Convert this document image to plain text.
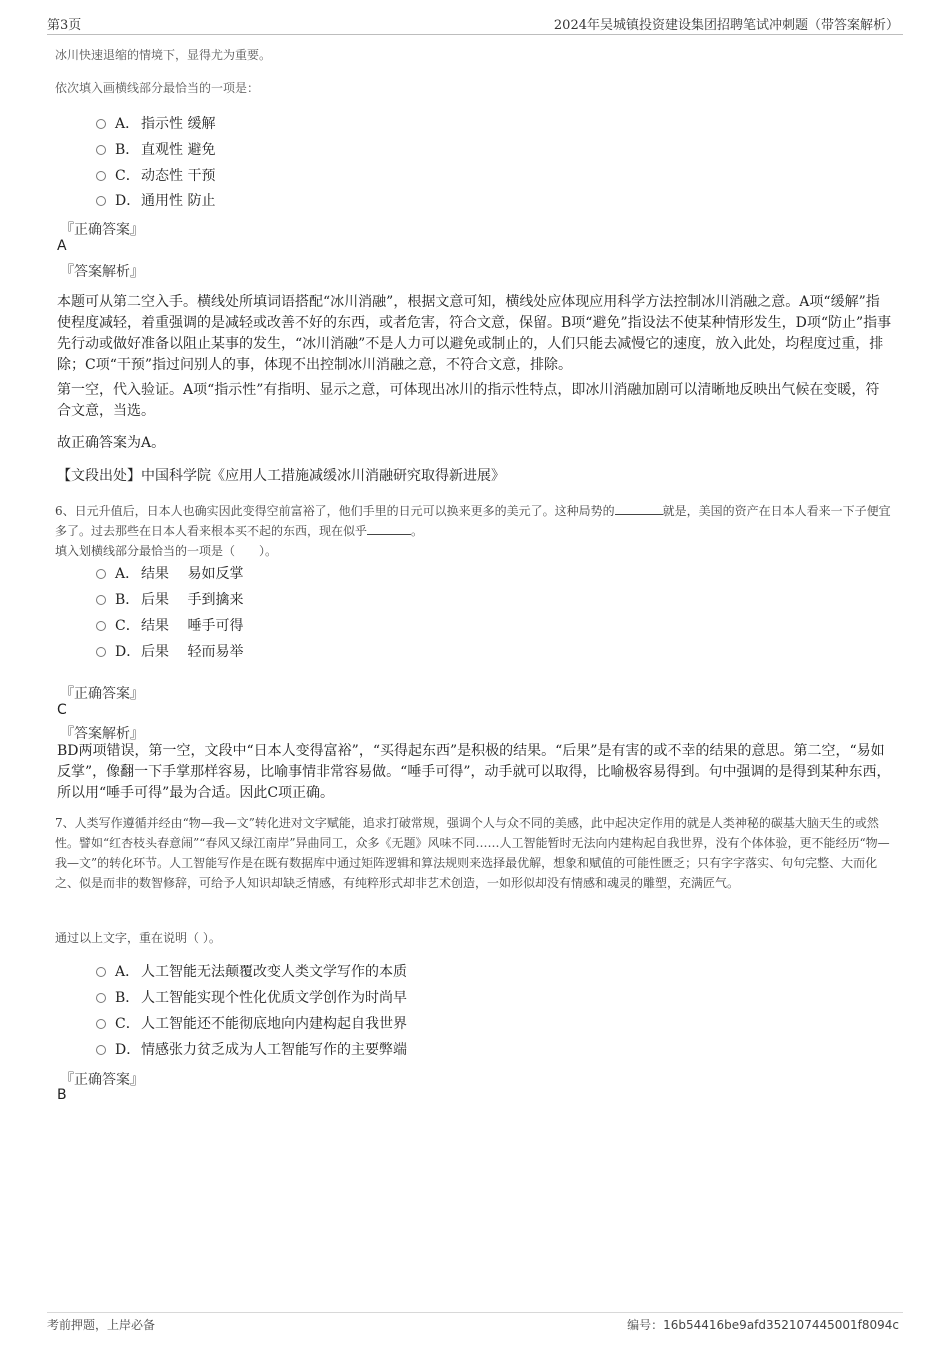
第3页	2024年吴城镇投资建设集团招聘笔试冲刺题（带答案解析）
冰川快速退缩的情境下，显得尤为重要。
依次填入画横线部分最恰当的一项是：
A． 指示性 缓解
B． 直观性 避免
C．动态性 干预
D．通用性 防止
『正确答案』
A
『答案解析』
本题可从第二空入手。横线处所填词语搭配“冰川消融”，根据文意可知，横线处应体现应用科学方法控制冰川消融之意。A项“缓解”指使程度减轻，着重强调的是减轻或改善不好的东西，或者危害，符合文意，保留。B项“避免”指设法不使某种情形发生，D项“防止”指事先行动或做好准备以阻止某事的发生，“冰川消融”不是人力可以避免或制止的，人们只能去减慢它的速度，放入此处，均程度过重，排除；C项“干预”指过问别人的事，体现不出控制冰川消融之意，不符合文意，排除。
第一空，代入验证。A项“指示性”有指明、显示之意，可体现出冰川的指示性特点，即冰川消融加剧可以清晰地反映出气候在变暖，符合文意，当选。
故正确答案为A。
【文段出处】中国科学院《应用人工措施减缓冰川消融研究取得新进展》
6、日元升值后，日本人也确实因此变得空前富裕了，他们手里的日元可以换来更多的美元了。这种局势的	就是，美国的资产在日本人看来一下子便宜多了。过去那些在日本人看来根本买不起的东西，现在似乎	。
填入划横线部分最恰当的一项是（　　）。
A． 结果　 易如反掌
B． 后果　 手到擒来
C．结果　 唾手可得
D．后果　 轻而易举
『正确答案』
C
『答案解析』
BD两项错误，第一空，文段中“日本人变得富裕”，“买得起东西”是积极的结果。“后果”是有害的或不幸的结果的意思。第二空，“易如反掌”，像翻一下手掌那样容易，比喻事情非常容易做。“唾手可得”，动手就可以取得，比喻极容易得到。句中强调的是得到某种东西，所以用“唾手可得”最为合适。因此C项正确。
7、人类写作遵循并经由“物—我—文”转化进对文字赋能，追求打破常规，强调个人与众不同的美感，此中起决定作用的就是人类神秘的碳基大脑天生的或然性。譬如“红杏枝头春意闹”“春风又绿江南岸”异曲同工，众多《无题》风味不同……人工智能暂时无法向内建构起自我世界，没有个体体验，更不能经历“物—我—文”的转化环节。人工智能写作是在既有数据库中通过矩阵逻辑和算法规则来选择最优解，想象和赋值的可能性匮乏；只有字字落实、句句完整、大而化之、似是而非的数智修辞，可给予人知识却缺乏情感，有纯粹形式却非艺术创造，一如形似却没有情感和魂灵的雕塑，充满匠气。
通过以上文字，重在说明（ ）。
A． 人工智能无法颠覆改变人类文学写作的本质
B． 人工智能实现个性化优质文学创作为时尚早
C．人工智能还不能彻底地向内建构起自我世界
D．情感张力贫乏成为人工智能写作的主要弊端
『正确答案』
B
考前押题，上岸必备	编号：16b54416be9afd352107445001f8094c
